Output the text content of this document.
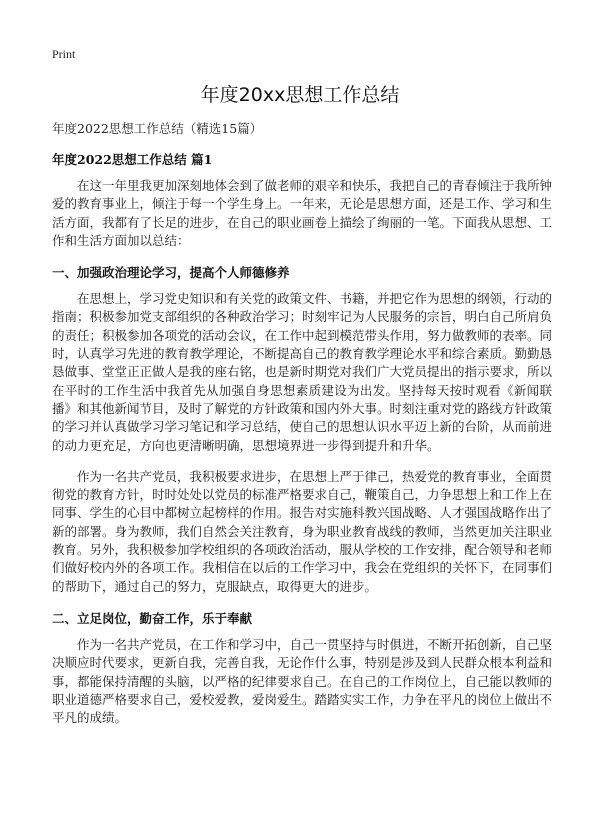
Print
年度20xx思想工作总结
年度2022思想工作总结（精选15篇）
年度2022思想工作总结 篇1

在这一年里我更加深刻地体会到了做老师的艰辛和快乐，我把自己的青春倾注于我所钟爱的教育事业上，倾注于每一个学生身上。一年来，无论是思想方面，还是工作、学习和生活方面，我都有了长足的进步，在自己的职业画卷上描绘了绚丽的一笔。下面我从思想、工作和生活方面加以总结：

一、加强政治理论学习，提高个人师德修养

在思想上，学习党史知识和有关党的政策文件、书籍，并把它作为思想的纲领，行动的指南；积极参加党支部组织的各种政治学习；时刻牢记为人民服务的宗旨，明白自己所肩负的责任；积极参加各项党的活动会议，在工作中起到模范带头作用，努力做教师的表率。同时，认真学习先进的教育教学理论，不断提高自己的教育教学理论水平和综合素质。勤勤恳恳做事、堂堂正正做人是我的座右铭，也是新时期党对我们广大党员提出的指示要求，所以在平时的工作生活中我首先从加强自身思想素质建设为出发。坚持每天按时观看《新闻联播》和其他新闻节目，及时了解党的方针政策和国内外大事。时刻注重对党的路线方针政策的学习并认真做学习学习笔记和学习总结，使自己的思想认识水平迈上新的台阶，从而前进的动力更充足，方向也更清晰明确，思想境界进一步得到提升和升华。

作为一名共产党员，我积极要求进步，在思想上严于律己，热爱党的教育事业，全面贯彻党的教育方针，时时处处以党员的标准严格要求自己，鞭策自己，力争思想上和工作上在同事、学生的心目中都树立起榜样的作用。报告对实施科教兴国战略、人才强国战略作出了新的部署。身为教师，我们自然会关注教育，身为职业教育战线的教师，当然更加关注职业教育。另外，我积极参加学校组织的各项政治活动，服从学校的工作安排，配合领导和老师们做好校内外的各项工作。我相信在以后的工作学习中，我会在党组织的关怀下，在同事们的帮助下，通过自己的努力，克服缺点，取得更大的进步。

二、立足岗位，勤奋工作，乐于奉献

作为一名共产党员，在工作和学习中，自己一贯坚持与时俱进，不断开拓创新，自己坚决顺应时代要求，更新自我，完善自我，无论作什么事，特别是涉及到人民群众根本利益和事，都能保持清醒的头脑，以严格的纪律要求自己。在自己的工作岗位上，自己能以教师的职业道德严格要求自己，爱校爱教，爱岗爱生。踏踏实实工作，力争在平凡的岗位上做出不平凡的成绩。
